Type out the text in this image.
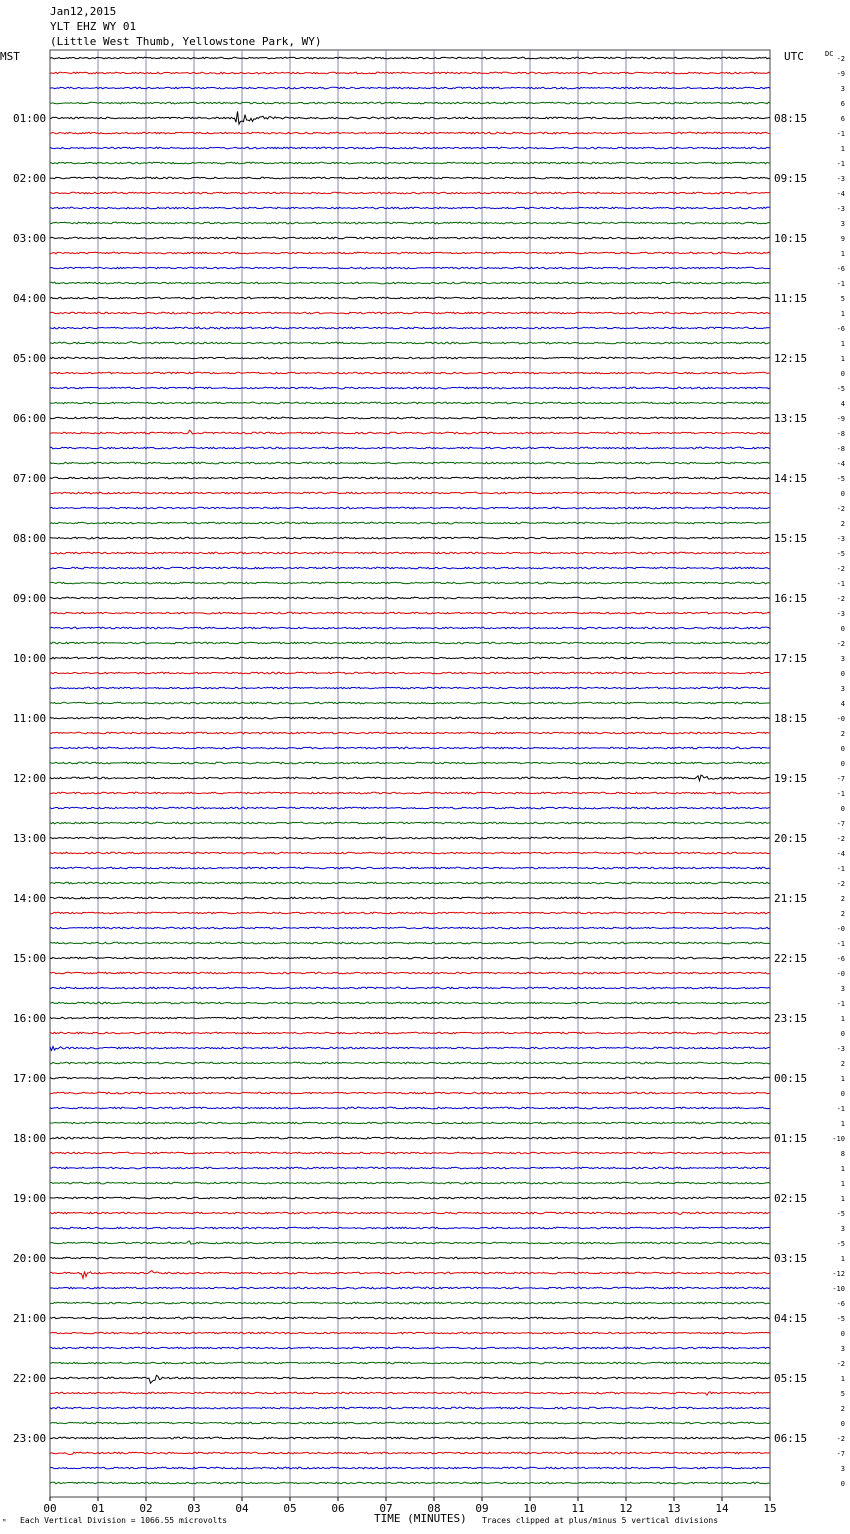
Jan12,2015
YLT EHZ WY 01
(Little West Thumb, Yellowstone Park, WY)
MST	UTC	DC
01:00
02:00
03:00
04:00
05:00
06:00
07:00
08:00
09:00
10:00
11:00
12:00
13:00
14:00
15:00
16:00
17:00
18:00
19:00
20:00
21:00
22:00
23:00
08:15
09:15
10:15
11:15
12:15
13:15
14:15
15:15
16:15
17:15
18:15
19:15
20:15
21:15
22:15
23:15
00:15
01:15
02:15
03:15
04:15
05:15
06:15
-2
-9
3
6
6
-1
1
-1
-3
-4
-3
3
9
1
-6
-1
5
1
-6
1
1
0
-5
4
-9
-8
-8
-4
-5
0
-2
2
-3
-5
-2
-1
-2
-3
0
-2
3
0
3
4
-0
2
0
0
-7
-1
0
-7
-2
-4
-1
-2
2
2
-0
-1
-6
-0
3
-1
1
0
-3
2
1
0
-1
1
-10
8
1
1
1
-5
3
-5
1
-12
-10
-6
-5
0
3
-2
1
5
2
0
-2
-7
3
0
00	01	02	03	04	05	06	07	08	09	10	11	12	13	14	15
ᴹ Each Vertical Division = 1066.55 microvolts	TIME (MINUTES) Traces clipped at plus/minus 5 vertical divisions
